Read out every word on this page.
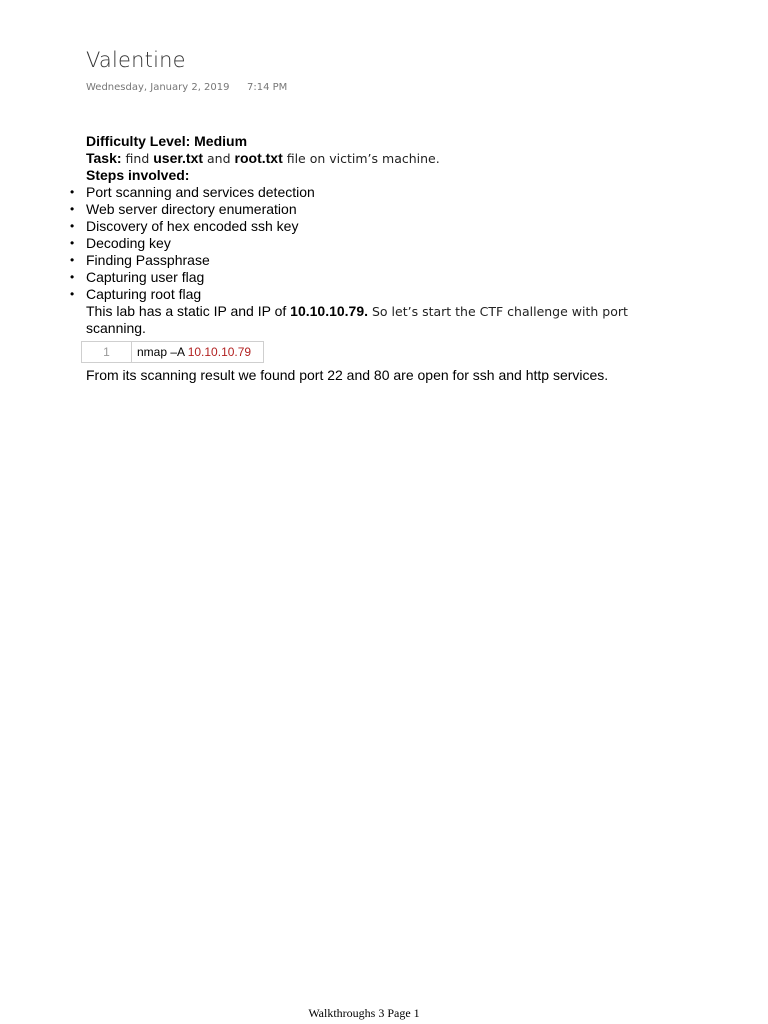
Valentine
Wednesday, January 2, 2019 7:14 PM

Difficulty Level: Medium

Task: find user.txt and root.txt file on victim’s machine.

Steps involved:

• Port scanning and services detection
• Web server directory enumeration
• Discovery of hex encoded ssh key
• Decoding key
• Finding Passphrase
• Capturing user flag
• Capturing root flag

This lab has a static IP and IP of 10.10.10.79. So let’s start the CTF challenge with port
scanning.

1	nmap –A 10.10.10.79

From its scanning result we found port 22 and 80 are open for ssh and http services.

Walkthroughs 3 Page 1
